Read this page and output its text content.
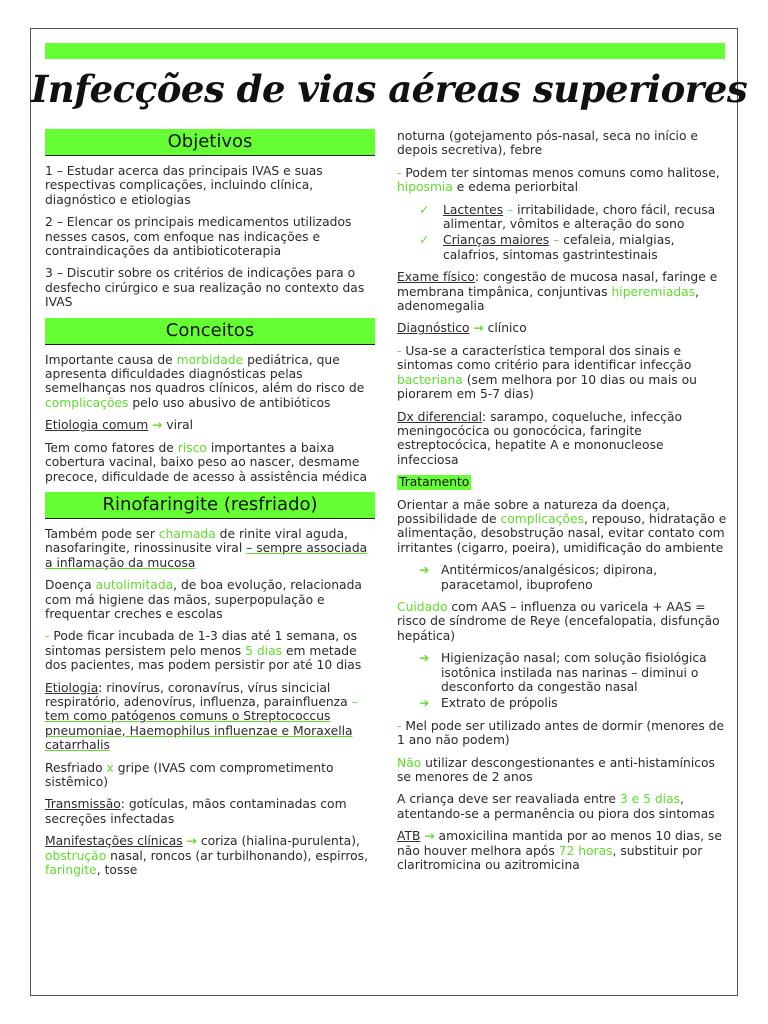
Infecções de vias aéreas superiores
Objetivos
1 – Estudar acerca das principais IVAS e suas respectivas complicações, incluindo clínica, diagnóstico e etiologias
2 – Elencar os principais medicamentos utilizados nesses casos, com enfoque nas indicações e contraindicações da antibioticoterapia
3 – Discutir sobre os critérios de indicações para o desfecho cirúrgico e sua realização no contexto das IVAS
Conceitos
Importante causa de morbidade pediátrica, que apresenta dificuldades diagnósticas pelas semelhanças nos quadros clínicos, além do risco de complicações pelo uso abusivo de antibióticos
Etiologia comum → viral
Tem como fatores de risco importantes a baixa cobertura vacinal, baixo peso ao nascer, desmame precoce, dificuldade de acesso à assistência médica
Rinofaringite (resfriado)
Também pode ser chamada de rinite viral aguda, nasofaringite, rinossinusite viral – sempre associada a inflamação da mucosa
Doença autolimitada, de boa evolução, relacionada com má higiene das mãos, superpopulação e frequentar creches e escolas
- Pode ficar incubada de 1-3 dias até 1 semana, os sintomas persistem pelo menos 5 dias em metade dos pacientes, mas podem persistir por até 10 dias
Etiologia: rinovírus, coronavírus, vírus sincicial respiratório, adenovírus, influenza, parainfluenza – tem como patógenos comuns o Streptococcus pneumoniae, Haemophilus influenzae e Moraxella catarrhalis
Resfriado x gripe (IVAS com comprometimento sistêmico)
Transmissão: gotículas, mãos contaminadas com secreções infectadas
Manifestações clínicas → coriza (hialina-purulenta), obstrução nasal, roncos (ar turbilhonando), espirros, faringite, tosse
noturna (gotejamento pós-nasal, seca no início e depois secretiva), febre
- Podem ter sintomas menos comuns como halitose, hiposmia e edema periorbital
✓ Lactentes – irritabilidade, choro fácil, recusa alimentar, vômitos e alteração do sono
✓ Crianças maiores – cefaleia, mialgias, calafrios, sintomas gastrintestinais
Exame físico: congestão de mucosa nasal, faringe e membrana timpânica, conjuntivas hiperemiadas, adenomegalia
Diagnóstico → clínico
- Usa-se a característica temporal dos sinais e sintomas como critério para identificar infecção bacteriana (sem melhora por 10 dias ou mais ou piorarem em 5-7 dias)
Dx diferencial: sarampo, coqueluche, infecção meningocócica ou gonocócica, faringite estreptocócica, hepatite A e mononucleose infecciosa
Tratamento
Orientar a mãe sobre a natureza da doença, possibilidade de complicações, repouso, hidratação e alimentação, desobstrução nasal, evitar contato com irritantes (cigarro, poeira), umidificação do ambiente
➔ Antitérmicos/analgésicos; dipirona, paracetamol, ibuprofeno
Cuidado com AAS – influenza ou varicela + AAS = risco de síndrome de Reye (encefalopatia, disfunção hepática)
➔ Higienização nasal; com solução fisiológica isotônica instilada nas narinas – diminui o desconforto da congestão nasal
➔ Extrato de própolis
- Mel pode ser utilizado antes de dormir (menores de 1 ano não podem)
Não utilizar descongestionantes e anti-histamínicos se menores de 2 anos
A criança deve ser reavaliada entre 3 e 5 dias, atentando-se a permanência ou piora dos sintomas
ATB → amoxicilina mantida por ao menos 10 dias, se não houver melhora após 72 horas, substituir por claritromicina ou azitromicina
